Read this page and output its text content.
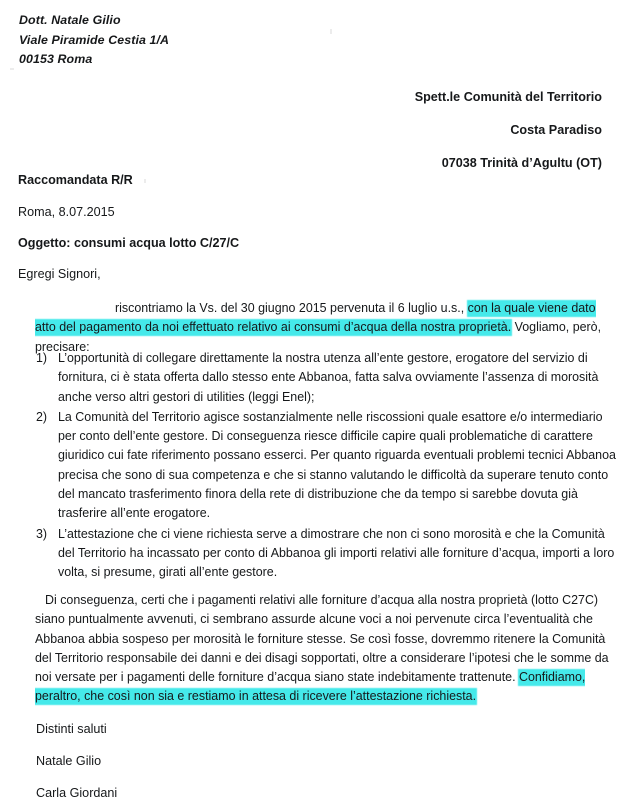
Dott. Natale Gilio
Viale Piramide Cestia 1/A
00153 Roma
Spett.le Comunità del Territorio
Costa Paradiso
07038 Trinità d’Agultu (OT)
Raccomandata R/R
Roma, 8.07.2015
Oggetto: consumi acqua lotto C/27/C
Egregi Signori,

riscontriamo la Vs. del 30 giugno 2015 pervenuta il 6 luglio u.s., con la quale viene dato atto del pagamento da noi effettuato relativo ai consumi d’acqua della nostra proprietà. Vogliamo, però, precisare:

1) L’opportunità di collegare direttamente la nostra utenza all’ente gestore, erogatore del servizio di fornitura, ci è stata offerta dallo stesso ente Abbanoa, fatta salva ovviamente l’assenza di morosità anche verso altri gestori di utilities (leggi Enel);
2) La Comunità del Territorio agisce sostanzialmente nelle riscossioni quale esattore e/o intermediario per conto dell’ente gestore. Di conseguenza riesce difficile capire quali problematiche di carattere giuridico cui fate riferimento possano esserci. Per quanto riguarda eventuali problemi tecnici Abbanoa precisa che sono di sua competenza e che si stanno valutando le difficoltà da superare tenuto conto del mancato trasferimento finora della rete di distribuzione che da tempo si sarebbe dovuta già trasferire all’ente erogatore.
3) L’attestazione che ci viene richiesta serve a dimostrare che non ci sono morosità e che la Comunità del Territorio ha incassato per conto di Abbanoa gli importi relativi alle forniture d’acqua, importi a loro volta, si presume, girati all’ente gestore.

Di conseguenza, certi che i pagamenti relativi alle forniture d’acqua alla nostra proprietà (lotto C27C) siano puntualmente avvenuti, ci sembrano assurde alcune voci a noi pervenute circa l’eventualità che Abbanoa abbia sospeso per morosità le forniture stesse. Se così fosse, dovremmo ritenere la Comunità del Territorio responsabile dei danni e dei disagi sopportati, oltre a considerare l’ipotesi che le somme da noi versate per i pagamenti delle forniture d’acqua siano state indebitamente trattenute. Confidiamo, peraltro, che così non sia e restiamo in attesa di ricevere l’attestazione richiesta.

Distinti saluti
Natale Gilio
Carla Giordani
